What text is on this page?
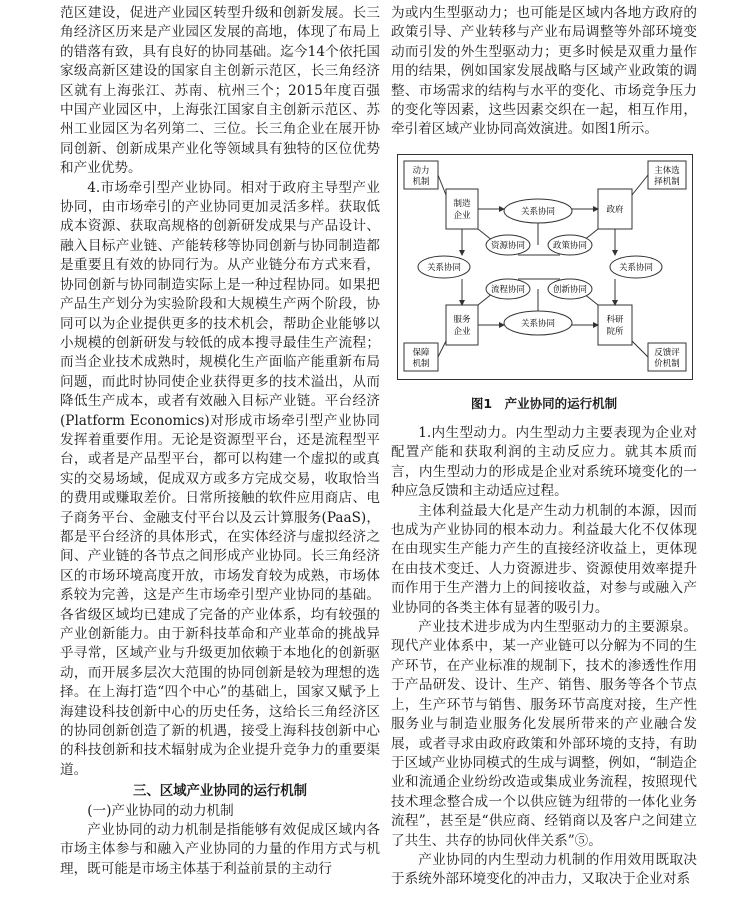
范区建设，促进产业园区转型升级和创新发展。长三角经济区历来是产业园区发展的高地，体现了布局上的错落有致，具有良好的协同基础。迄今14个依托国家级高新区建设的国家自主创新示范区，长三角经济区就有上海张江、苏南、杭州三个；2015年度百强中国产业园区中，上海张江国家自主创新示范区、苏州工业园区为名列第二、三位。长三角企业在展开协同创新、创新成果产业化等领域具有独特的区位优势和产业优势。

4.市场牵引型产业协同。相对于政府主导型产业协同，由市场牵引的产业协同更加灵活多样。获取低成本资源、获取高规格的创新研发成果与产品设计、融入目标产业链、产能转移等协同创新与协同制造都是重要且有效的协同行为。从产业链分布方式来看，协同创新与协同制造实际上是一种过程协同。如果把产品生产划分为实验阶段和大规模生产两个阶段，协同可以为企业提供更多的技术机会，帮助企业能够以小规模的创新研发与较低的成本搜寻最佳生产流程；而当企业技术成熟时，规模化生产面临产能重新布局问题，而此时协同使企业获得更多的技术溢出，从而降低生产成本，或者有效融入目标产业链。平台经济(Platform Economics)对形成市场牵引型产业协同发挥着重要作用。无论是资源型平台，还是流程型平台，或者是产品型平台，都可以构建一个虚拟的或真实的交易场域，促成双方或多方完成交易，收取恰当的费用或赚取差价。日常所接触的软件应用商店、电子商务平台、金融支付平台以及云计算服务(PaaS)，都是平台经济的具体形式，在实体经济与虚拟经济之间、产业链的各节点之间形成产业协同。长三角经济区的市场环境高度开放，市场发育较为成熟，市场体系较为完善，这是产生市场牵引型产业协同的基础。各省级区域均已建成了完备的产业体系，均有较强的产业创新能力。由于新科技革命和产业革命的挑战异乎寻常，区域产业与升级更加依赖于本地化的创新驱动，而开展多层次大范围的协同创新是较为理想的选择。在上海打造“四个中心”的基础上，国家又赋予上海建设科技创新中心的历史任务，这给长三角经济区的协同创新创造了新的机遇，接受上海科技创新中心的科技创新和技术辐射成为企业提升竞争力的重要渠道。

三、区域产业协同的运行机制

(一)产业协同的动力机制

产业协同的动力机制是指能够有效促成区域内各市场主体参与和融入产业协同的力量的作用方式与机理，既可能是市场主体基于利益前景的主动行

为或内生型驱动力；也可能是区域内各地方政府的政策引导、产业转移与产业布局调整等外部环境变动而引发的外生型驱动力；更多时候是双重力量作用的结果，例如国家发展战略与区域产业政策的调整、市场需求的结构与水平的变化、市场竞争压力的变化等因素，这些因素交织在一起，相互作用，牵引着区域产业协同高效演进。如图1所示。

动力
机制
主体选
择机制
保障
机制
反馈评
价机制
制造
企业
政府
服务
企业
科研
院所
关系协同
关系协同
关系协同	关系协同
资源协同	政策协同
流程协同	创新协同
图1　产业协同的运行机制

1.内生型动力。内生型动力主要表现为企业对配置产能和获取利润的主动反应力。就其本质而言，内生型动力的形成是企业对系统环境变化的一种应急反馈和主动适应过程。

主体利益最大化是产生动力机制的本源，因而也成为产业协同的根本动力。利益最大化不仅体现在由现实生产能力产生的直接经济收益上，更体现在由技术变迁、人力资源进步、资源使用效率提升而作用于生产潜力上的间接收益，对参与或融入产业协同的各类主体有显著的吸引力。

产业技术进步成为内生型驱动力的主要源泉。现代产业体系中，某一产业链可以分解为不同的生产环节，在产业标准的规制下，技术的渗透性作用于产品研发、设计、生产、销售、服务等各个节点上，生产环节与销售、服务环节高度对接，生产性服务业与制造业服务化发展所带来的产业融合发展，或者寻求由政府政策和外部环境的支持，有助于区域产业协同模式的生成与调整，例如，“制造企业和流通企业纷纷改造或集成业务流程，按照现代技术理念整合成一个以供应链为纽带的一体化业务流程”，甚至是“供应商、经销商以及客户之间建立了共生、共存的协同伙伴关系”⑤。

产业协同的内生型动力机制的作用效用既取决于系统外部环境变化的冲击力，又取决于企业对系
